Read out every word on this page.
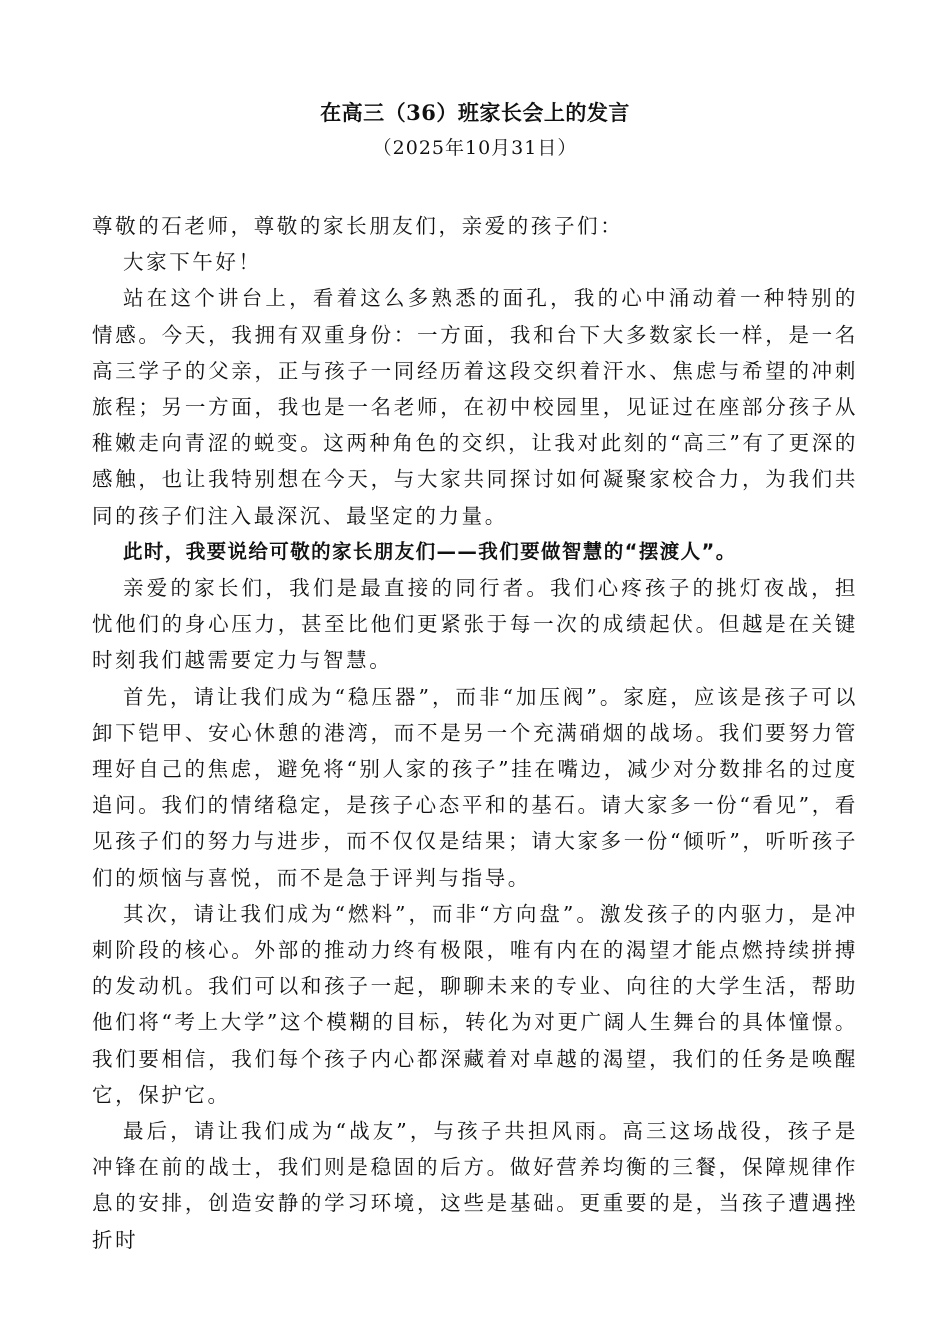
在高三（36）班家长会上的发言
（2025年10月31日）

尊敬的石老师，尊敬的家长朋友们，亲爱的孩子们：

大家下午好！

站在这个讲台上，看着这么多熟悉的面孔，我的心中涌动着一种特别的情感。今天，我拥有双重身份：一方面，我和台下大多数家长一样，是一名高三学子的父亲，正与孩子一同经历着这段交织着汗水、焦虑与希望的冲刺旅程；另一方面，我也是一名老师，在初中校园里，见证过在座部分孩子从稚嫩走向青涩的蜕变。这两种角色的交织，让我对此刻的“高三”有了更深的感触，也让我特别想在今天，与大家共同探讨如何凝聚家校合力，为我们共同的孩子们注入最深沉、最坚定的力量。

此时，我要说给可敬的家长朋友们——我们要做智慧的“摆渡人”。

亲爱的家长们，我们是最直接的同行者。我们心疼孩子的挑灯夜战，担忧他们的身心压力，甚至比他们更紧张于每一次的成绩起伏。但越是在关键时刻我们越需要定力与智慧。

首先，请让我们成为“稳压器”，而非“加压阀”。家庭，应该是孩子可以卸下铠甲、安心休憩的港湾，而不是另一个充满硝烟的战场。我们要努力管理好自己的焦虑，避免将“别人家的孩子”挂在嘴边，减少对分数排名的过度追问。我们的情绪稳定，是孩子心态平和的基石。请大家多一份“看见”，看见孩子们的努力与进步，而不仅仅是结果；请大家多一份“倾听”，听听孩子们的烦恼与喜悦，而不是急于评判与指导。

其次，请让我们成为“燃料”，而非“方向盘”。激发孩子的内驱力，是冲刺阶段的核心。外部的推动力终有极限，唯有内在的渴望才能点燃持续拼搏的发动机。我们可以和孩子一起，聊聊未来的专业、向往的大学生活，帮助他们将“考上大学”这个模糊的目标，转化为对更广阔人生舞台的具体憧憬。我们要相信，我们每个孩子内心都深藏着对卓越的渴望，我们的任务是唤醒它，保护它。

最后，请让我们成为“战友”，与孩子共担风雨。高三这场战役，孩子是冲锋在前的战士，我们则是稳固的后方。做好营养均衡的三餐，保障规律作息的安排，创造安静的学习环境，这些是基础。更重要的是，当孩子遭遇挫折时
